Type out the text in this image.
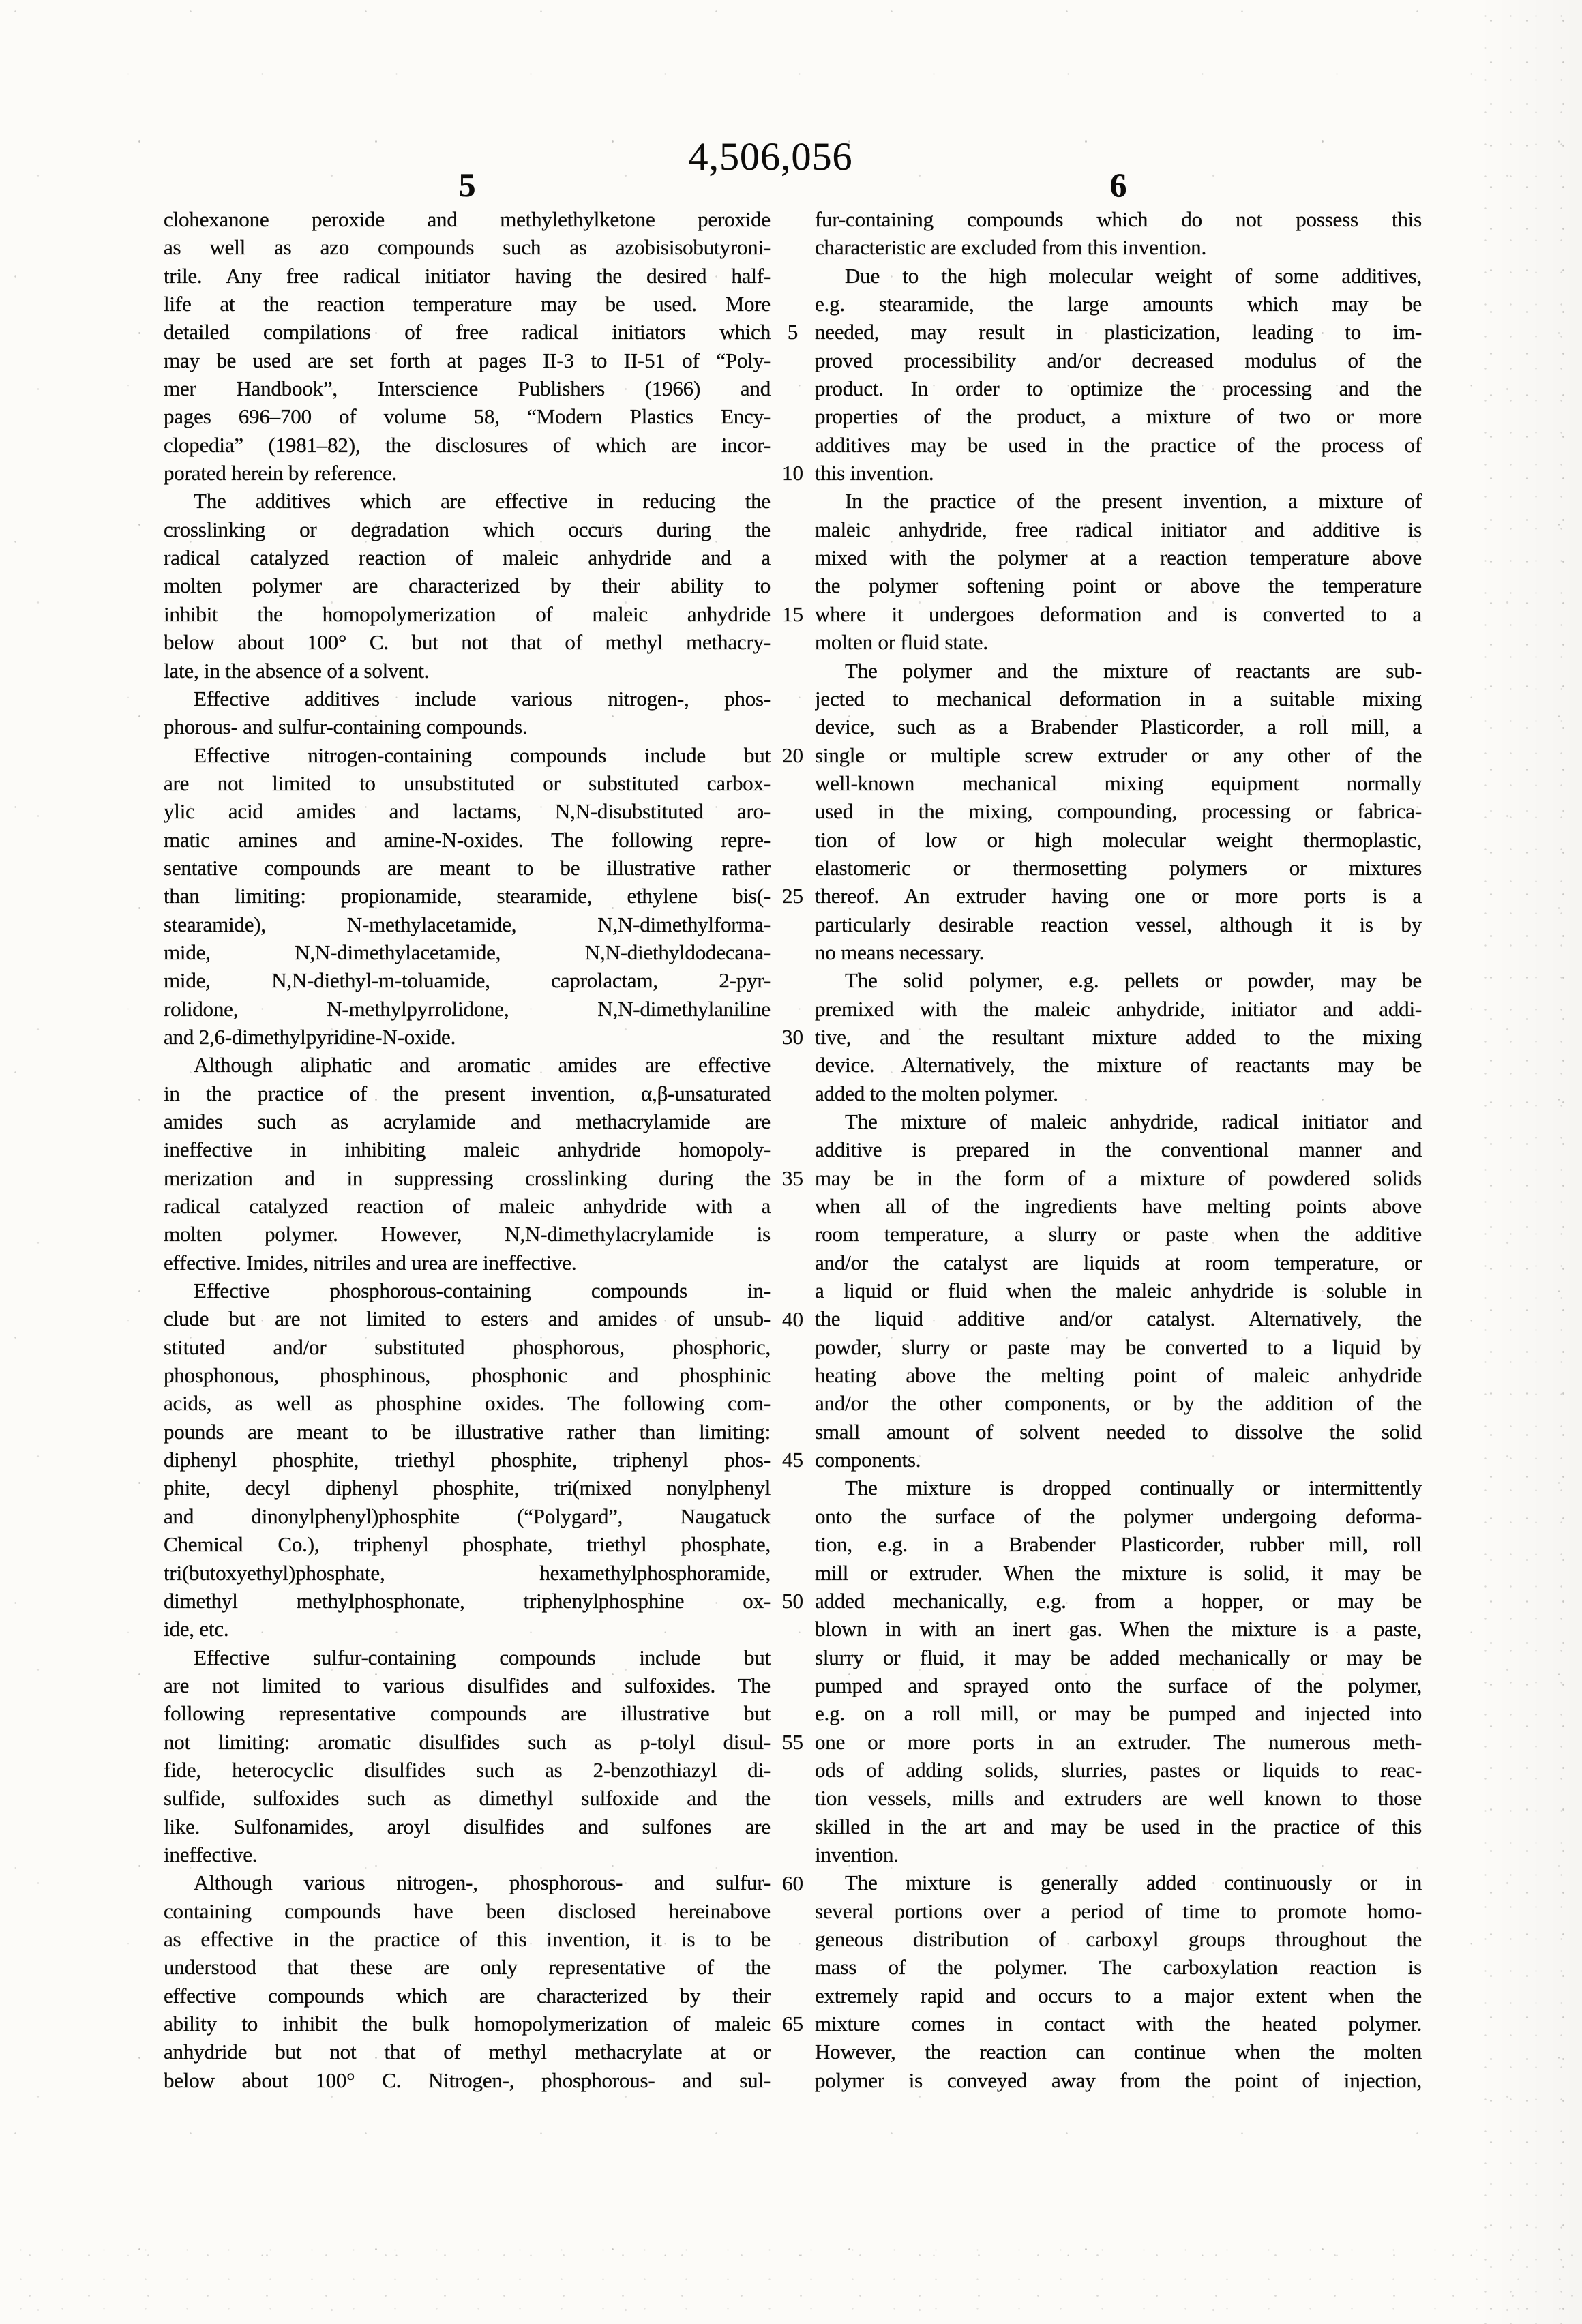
4,506,056
5	6
clohexanone peroxide and methylethylketone peroxide
as well as azo compounds such as azobisisobutyroni-
trile. Any free radical initiator having the desired half-
life at the reaction temperature may be used. More
detailed compilations of free radical initiators which
may be used are set forth at pages II-3 to II-51 of “Poly-
mer Handbook”, Interscience Publishers (1966) and
pages 696–700 of volume 58, “Modern Plastics Ency-
clopedia” (1981–82), the disclosures of which are incor-
porated herein by reference.
The additives which are effective in reducing the
crosslinking or degradation which occurs during the
radical catalyzed reaction of maleic anhydride and a
molten polymer are characterized by their ability to
inhibit the homopolymerization of maleic anhydride
below about 100° C. but not that of methyl methacry-
late, in the absence of a solvent.
Effective additives include various nitrogen-, phos-
phorous- and sulfur-containing compounds.
Effective nitrogen-containing compounds include but
are not limited to unsubstituted or substituted carbox-
ylic acid amides and lactams, N,N-disubstituted aro-
matic amines and amine-N-oxides. The following repre-
sentative compounds are meant to be illustrative rather
than limiting: propionamide, stearamide, ethylene bis(-
stearamide), N-methylacetamide, N,N-dimethylforma-
mide, N,N-dimethylacetamide, N,N-diethyldodecana-
mide, N,N-diethyl-m-toluamide, caprolactam, 2-pyr-
rolidone, N-methylpyrrolidone, N,N-dimethylaniline
and 2,6-dimethylpyridine-N-oxide.
Although aliphatic and aromatic amides are effective
in the practice of the present invention, α,β-unsaturated
amides such as acrylamide and methacrylamide are
ineffective in inhibiting maleic anhydride homopoly-
merization and in suppressing crosslinking during the
radical catalyzed reaction of maleic anhydride with a
molten polymer. However, N,N-dimethylacrylamide is
effective. Imides, nitriles and urea are ineffective.
Effective phosphorous-containing compounds in-
clude but are not limited to esters and amides of unsub-
stituted and/or substituted phosphorous, phosphoric,
phosphonous, phosphinous, phosphonic and phosphinic
acids, as well as phosphine oxides. The following com-
pounds are meant to be illustrative rather than limiting:
diphenyl phosphite, triethyl phosphite, triphenyl phos-
phite, decyl diphenyl phosphite, tri(mixed nonylphenyl
and dinonylphenyl)phosphite (“Polygard”, Naugatuck
Chemical Co.), triphenyl phosphate, triethyl phosphate,
tri(butoxyethyl)phosphate, hexamethylphosphoramide,
dimethyl methylphosphonate, triphenylphosphine ox-
ide, etc.
Effective sulfur-containing compounds include but
are not limited to various disulfides and sulfoxides. The
following representative compounds are illustrative but
not limiting: aromatic disulfides such as p-tolyl disul-
fide, heterocyclic disulfides such as 2-benzothiazyl di-
sulfide, sulfoxides such as dimethyl sulfoxide and the
like. Sulfonamides, aroyl disulfides and sulfones are
ineffective.
Although various nitrogen-, phosphorous- and sulfur-
containing compounds have been disclosed hereinabove
as effective in the practice of this invention, it is to be
understood that these are only representative of the
effective compounds which are characterized by their
ability to inhibit the bulk homopolymerization of maleic
anhydride but not that of methyl methacrylate at or
below about 100° C. Nitrogen-, phosphorous- and sul-
5
10
15
20
25
30
35
40
45
50
55
60
65
fur-containing compounds which do not possess this
characteristic are excluded from this invention.
Due to the high molecular weight of some additives,
e.g. stearamide, the large amounts which may be
needed, may result in plasticization, leading to im-
proved processibility and/or decreased modulus of the
product. In order to optimize the processing and the
properties of the product, a mixture of two or more
additives may be used in the practice of the process of
this invention.
In the practice of the present invention, a mixture of
maleic anhydride, free radical initiator and additive is
mixed with the polymer at a reaction temperature above
the polymer softening point or above the temperature
where it undergoes deformation and is converted to a
molten or fluid state.
The polymer and the mixture of reactants are sub-
jected to mechanical deformation in a suitable mixing
device, such as a Brabender Plasticorder, a roll mill, a
single or multiple screw extruder or any other of the
well-known mechanical mixing equipment normally
used in the mixing, compounding, processing or fabrica-
tion of low or high molecular weight thermoplastic,
elastomeric or thermosetting polymers or mixtures
thereof. An extruder having one or more ports is a
particularly desirable reaction vessel, although it is by
no means necessary.
The solid polymer, e.g. pellets or powder, may be
premixed with the maleic anhydride, initiator and addi-
tive, and the resultant mixture added to the mixing
device. Alternatively, the mixture of reactants may be
added to the molten polymer.
The mixture of maleic anhydride, radical initiator and
additive is prepared in the conventional manner and
may be in the form of a mixture of powdered solids
when all of the ingredients have melting points above
room temperature, a slurry or paste when the additive
and/or the catalyst are liquids at room temperature, or
a liquid or fluid when the maleic anhydride is soluble in
the liquid additive and/or catalyst. Alternatively, the
powder, slurry or paste may be converted to a liquid by
heating above the melting point of maleic anhydride
and/or the other components, or by the addition of the
small amount of solvent needed to dissolve the solid
components.
The mixture is dropped continually or intermittently
onto the surface of the polymer undergoing deforma-
tion, e.g. in a Brabender Plasticorder, rubber mill, roll
mill or extruder. When the mixture is solid, it may be
added mechanically, e.g. from a hopper, or may be
blown in with an inert gas. When the mixture is a paste,
slurry or fluid, it may be added mechanically or may be
pumped and sprayed onto the surface of the polymer,
e.g. on a roll mill, or may be pumped and injected into
one or more ports in an extruder. The numerous meth-
ods of adding solids, slurries, pastes or liquids to reac-
tion vessels, mills and extruders are well known to those
skilled in the art and may be used in the practice of this
invention.
The mixture is generally added continuously or in
several portions over a period of time to promote homo-
geneous distribution of carboxyl groups throughout the
mass of the polymer. The carboxylation reaction is
extremely rapid and occurs to a major extent when the
mixture comes in contact with the heated polymer.
However, the reaction can continue when the molten
polymer is conveyed away from the point of injection,
